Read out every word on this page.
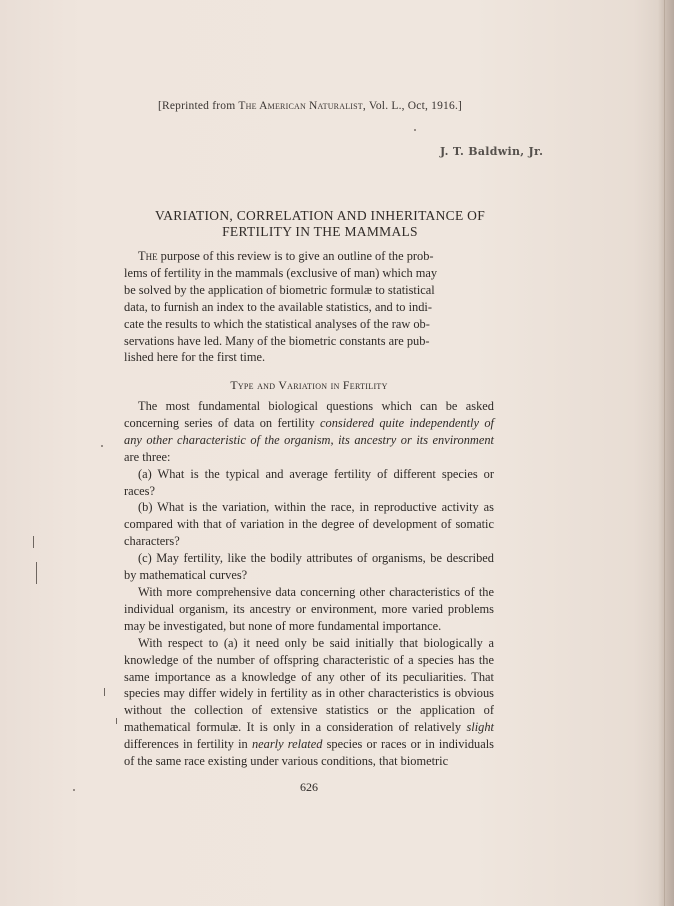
[Reprinted from The American Naturalist, Vol. L., Oct, 1916.]
J. T. Baldwin, Jr.
VARIATION, CORRELATION AND INHERITANCE OF
FERTILITY IN THE MAMMALS
The purpose of this review is to give an outline of the prob-
lems of fertility in the mammals (exclusive of man) which may
be solved by the application of biometric formulæ to statistical
data, to furnish an index to the available statistics, and to indi-
cate the results to which the statistical analyses of the raw ob-
servations have led. Many of the biometric constants are pub-
lished here for the first time.
Type and Variation in Fertility

The most fundamental biological questions which can be asked concerning series of data on fertility considered quite independently of any other characteristic of the organism, its ancestry or its environment are three:

(a) What is the typical and average fertility of different species or races?

(b) What is the variation, within the race, in reproductive activity as compared with that of variation in the degree of development of somatic characters?

(c) May fertility, like the bodily attributes of organisms, be described by mathematical curves?

With more comprehensive data concerning other characteristics of the individual organism, its ancestry or environment, more varied problems may be investigated, but none of more fundamental importance.

With respect to (a) it need only be said initially that biologically a knowledge of the number of offspring characteristic of a species has the same importance as a knowledge of any other of its peculiarities. That species may differ widely in fertility as in other characteristics is obvious without the collection of extensive statistics or the application of mathematical formulæ. It is only in a consideration of relatively slight differences in fertility in nearly related species or races or in individuals of the same race existing under various conditions, that biometric

626
